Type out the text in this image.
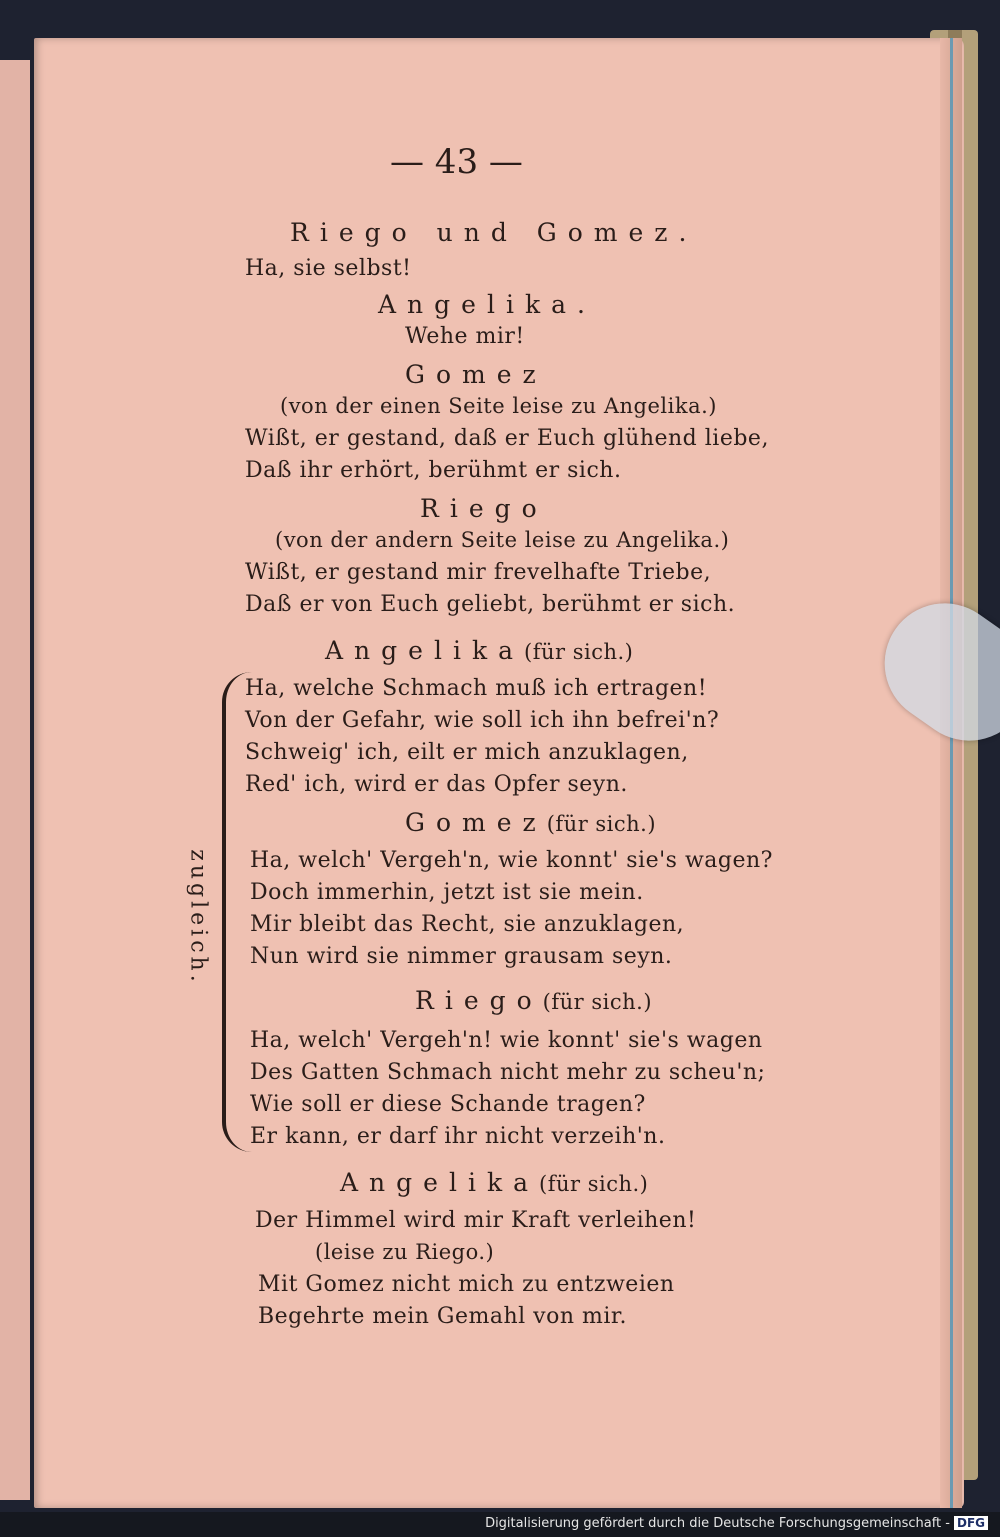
— 43 —
Riego und Gomez.
Ha, sie selbst!
Angelika.
Wehe mir!
Gomez
(von der einen Seite leise zu Angelika.)
Wißt, er gestand, daß er Euch glühend liebe,
Daß ihr erhört, berühmt er sich.
Riego
(von der andern Seite leise zu Angelika.)
Wißt, er gestand mir frevelhafte Triebe,
Daß er von Euch geliebt, berühmt er sich.
Angelika(für sich.)
Ha, welche Schmach muß ich ertragen!
Von der Gefahr, wie soll ich ihn befrei'n?
Schweig' ich, eilt er mich anzuklagen,
Red' ich, wird er das Opfer seyn.
Gomez(für sich.)
Ha, welch' Vergeh'n, wie konnt' sie's wagen?
Doch immerhin, jetzt ist sie mein.
Mir bleibt das Recht, sie anzuklagen,
Nun wird sie nimmer grausam seyn.
Riego(für sich.)
Ha, welch' Vergeh'n! wie konnt' sie's wagen
Des Gatten Schmach nicht mehr zu scheu'n;
Wie soll er diese Schande tragen?
Er kann, er darf ihr nicht verzeih'n.
Angelika(für sich.)
Der Himmel wird mir Kraft verleihen!
(leise zu Riego.)
Mit Gomez nicht mich zu entzweien
Begehrte mein Gemahl von mir.
zugleich.
Digitalisierung gefördert durch die Deutsche Forschungsgemeinschaft - DFG
